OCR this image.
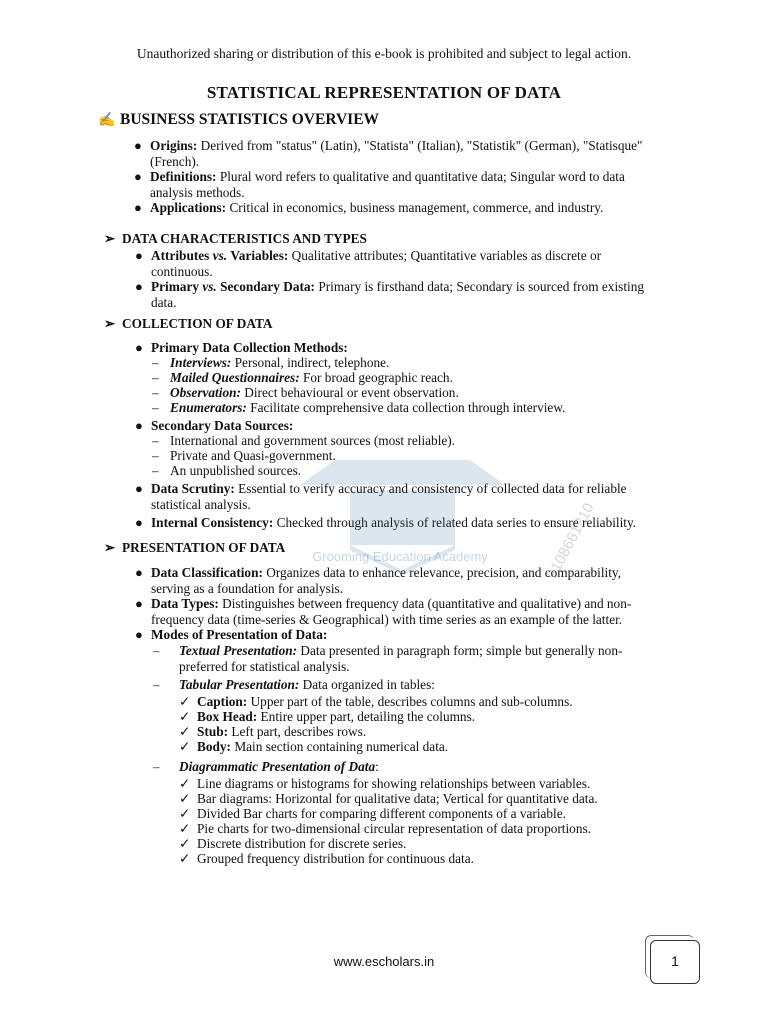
Unauthorized sharing or distribution of this e-book is prohibited and subject to legal action.
STATISTICAL REPRESENTATION OF DATA
✍ BUSINESS STATISTICS OVERVIEW
● Origins: Derived from "status" (Latin), "Statista" (Italian), "Statistik" (German), "Statisque"
(French).
● Definitions: Plural word refers to qualitative and quantitative data; Singular word to data
analysis methods.
● Applications: Critical in economics, business management, commerce, and industry.
➢ DATA CHARACTERISTICS AND TYPES
● Attributes vs. Variables: Qualitative attributes; Quantitative variables as discrete or
continuous.
● Primary vs. Secondary Data: Primary is firsthand data; Secondary is sourced from existing
data.
➢ COLLECTION OF DATA
● Primary Data Collection Methods:
– Interviews: Personal, indirect, telephone.
– Mailed Questionnaires: For broad geographic reach.
– Observation: Direct behavioural or event observation.
– Enumerators: Facilitate comprehensive data collection through interview.
● Secondary Data Sources:
– International and government sources (most reliable).
– Private and Quasi-government.
– An unpublished sources.
● Data Scrutiny: Essential to verify accuracy and consistency of collected data for reliable
statistical analysis.
● Internal Consistency: Checked through analysis of related data series to ensure reliability.
➢ PRESENTATION OF DATA
● Data Classification: Organizes data to enhance relevance, precision, and comparability,
serving as a foundation for analysis.
● Data Types: Distinguishes between frequency data (quantitative and qualitative) and non-
frequency data (time-series & Geographical) with time series as an example of the latter.
● Modes of Presentation of Data:
– Textual Presentation: Data presented in paragraph form; simple but generally non-
preferred for statistical analysis.
– Tabular Presentation: Data organized in tables:
✓ Caption: Upper part of the table, describes columns and sub-columns.
✓ Box Head: Entire upper part, detailing the columns.
✓ Stub: Left part, describes rows.
✓ Body: Main section containing numerical data.
– Diagrammatic Presentation of Data:
✓ Line diagrams or histograms for showing relationships between variables.
✓ Bar diagrams: Horizontal for qualitative data; Vertical for quantitative data.
✓ Divided Bar charts for comparing different components of a variable.
✓ Pie charts for two-dimensional circular representation of data proportions.
✓ Discrete distribution for discrete series.
✓ Grouped frequency distribution for continuous data.
Grooming Education Academy	9108661210
www.escholars.in	1
